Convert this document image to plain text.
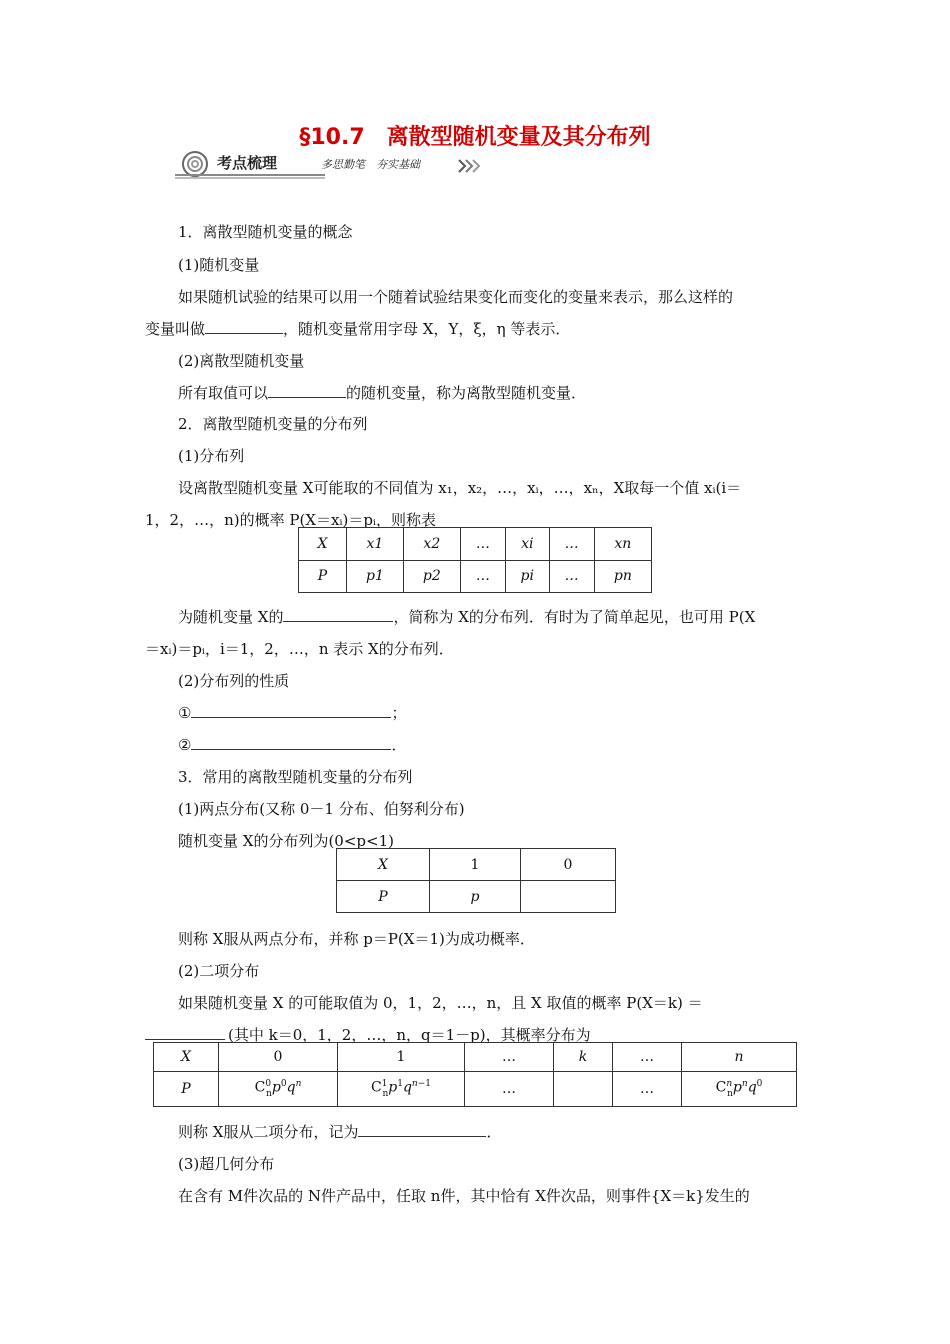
§10.7　离散型随机变量及其分布列
考点梳理	多思勤笔　夯实基础
1．离散型随机变量的概念
(1)随机变量
如果随机试验的结果可以用一个随着试验结果变化而变化的变量来表示，那么这样的
变量叫做	，随机变量常用字母 X，Y，ξ，η 等表示．
(2)离散型随机变量
所有取值可以	的随机变量，称为离散型随机变量．
2．离散型随机变量的分布列
(1)分布列
设离散型随机变量 X可能取的不同值为 x₁，x₂，…，xᵢ，…，xₙ，X取每一个值 xᵢ(i＝
1，2，…，n)的概率 P(X＝xᵢ)＝pᵢ，则称表
X	x1	x2	…	xi	…	xn
P	p1	p2	…	pi	…	pn
为随机变量 X的	，简称为 X的分布列．有时为了简单起见，也可用 P(X
＝xᵢ)＝pᵢ，i＝1，2，…，n 表示 X的分布列．
(2)分布列的性质
①	；
②	．
3．常用的离散型随机变量的分布列
(1)两点分布(又称 0－1 分布、伯努利分布)
随机变量 X的分布列为(0<p<1)
X	1	0
P	p	
则称 X服从两点分布，并称 p＝P(X＝1)为成功概率．
(2)二项分布
如果随机变量 X 的可能取值为 0，1，2，…，n，且 X 取值的概率 P(X＝k) ＝
(其中 k＝0，1，2，…，n，q＝1－p)，其概率分布为
X	0	1	…	k	…	n
P	$C^0_np^0q^n$	$C^1_np^1q^{n-1}$	…		…	$C^n_np^nq^0$
则称 X服从二项分布，记为	．
(3)超几何分布
在含有 M件次品的 N件产品中，任取 n件，其中恰有 X件次品，则事件{X＝k}发生的
